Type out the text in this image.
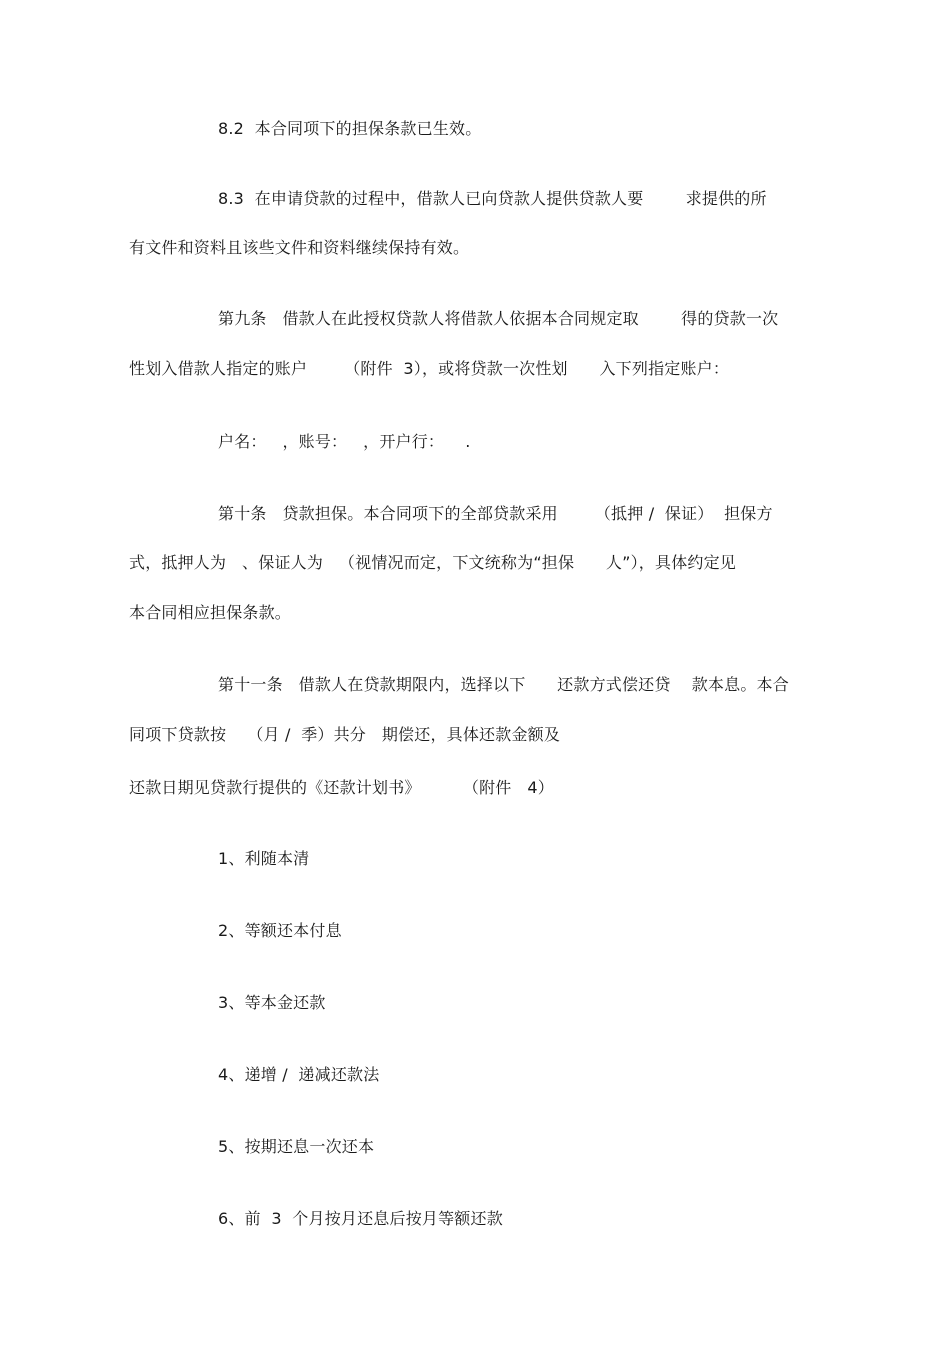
8.2  本合同项下的担保条款已生效。
8.3  在申请贷款的过程中，借款人已向贷款人提供贷款人要        求提供的所
有文件和资料且该些文件和资料继续保持有效。
第九条   借款人在此授权贷款人将借款人依据本合同规定取        得的贷款一次
性划入借款人指定的账户       （附件  3），或将贷款一次性划      入下列指定账户：
户名：   ，账号：   ，开户行：    .
第十条   贷款担保。本合同项下的全部贷款采用       （抵押 /  保证）  担保方
式，抵押人为   、保证人为   （视情况而定，下文统称为“担保      人”），具体约定见
本合同相应担保条款。
第十一条   借款人在贷款期限内，选择以下      还款方式偿还贷    款本息。本合
同项下贷款按    （月 /  季）共分   期偿还，具体还款金额及
还款日期见贷款行提供的《还款计划书》        （附件   4）
1、利随本清
2、等额还本付息
3、等本金还款
4、递增 /  递减还款法
5、按期还息一次还本
6、前  3  个月按月还息后按月等额还款
